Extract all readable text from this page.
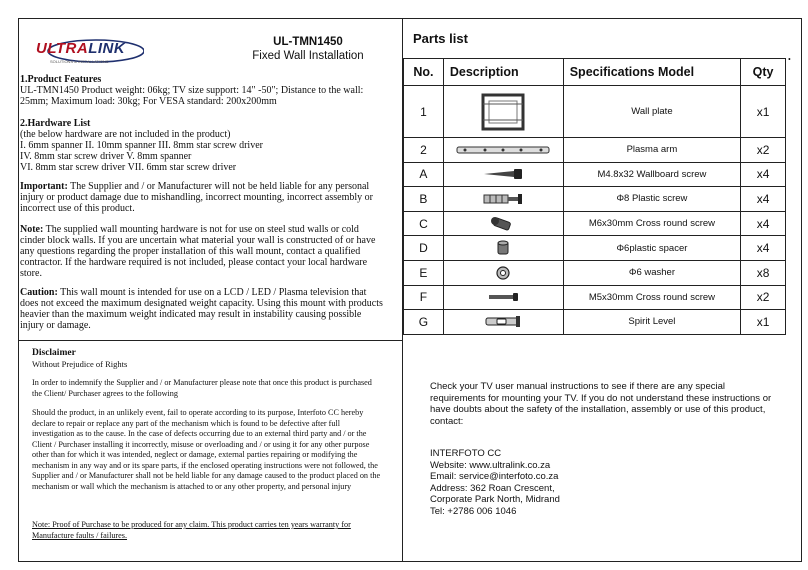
ULTRALINK
SOLUTIONS & INSTALLATIONS
UL-TMN1450
Fixed Wall Installation
1.Product Features
UL-TMN1450 Product weight: 06kg; TV size support: 14" -50"; Distance to the wall: 25mm; Maximum load: 30kg; For VESA standard: 200x200mm
2.Hardware List
(the below hardware are not included in the product)
I. 6mm spanner II. 10mm spanner III. 8mm star screw driver
IV. 8mm star screw driver V. 8mm spanner
VI. 8mm star screw driver VII. 6mm star screw driver
Important: The Supplier and / or Manufacturer will not be held liable for any personal injury or product damage due to mishandling, incorrect mounting, incorrect assembly or incorrect use of this product.
Note: The supplied wall mounting hardware is not for use on steel stud walls or cold cinder block walls. If you are uncertain what material your wall is constructed of or have any questions regarding the proper installation of this wall mount, contact a qualified contractor. If the hardware required is not included, please contact your local hardware store.
Caution: This wall mount is intended for use on a LCD / LED / Plasma television that does not exceed the maximum designated weight capacity. Using this mount with products heavier than the maximum weight indicated may result in instability causing possible injury or damage.
Disclaimer
Without Prejudice of Rights
In order to indemnify the Supplier and / or Manufacturer please note that once this product is purchased the Client/ Purchaser agrees to the following
Should the product, in an unlikely event, fail to operate according to its purpose, Interfoto CC hereby declare to repair or replace any part of the mechanism which is found to be defective after full investigation as to the cause. In the case of defects occurring due to an external third party and / or the Client / Purchaser installing it incorrectly, misuse or overloading and / or using it for any other purpose other than for which it was intended, neglect or damage, external parties repairing or modifying the mechanism in any way and or its spare parts, if the enclosed operating instructions were not followed, the Supplier and / or Manufacturer shall not be held liable for any damage caused to the product placed on the mechanism or wall which the mechanism is attached to or any other property, and personal injury
Note: Proof of Purchase to be produced for any claim. This product carries ten years warranty for Manufacture faults / failures.
Parts list
•
No.	Description	Specifications Model	Qty
1		Wall plate	x1
2		Plasma arm	x2
A		M4.8x32 Wallboard screw	x4
B		Φ8 Plastic screw	x4
C		M6x30mm Cross round screw	x4
D		Φ6plastic spacer	x4
E		Φ6 washer	x8
F		M5x30mm Cross round screw	x2
G		Spirit Level	x1
Check your TV user manual instructions to see if there are any special requirements for mounting your TV. If you do not understand these instructions or have doubts about the safety of the installation, assembly or use of this product, contact:
INTERFOTO CC
Website: www.ultralink.co.za
Email: service@interfoto.co.za
Address: 362 Roan Crescent,
Corporate Park North, Midrand
Tel: +2786 006 1046
